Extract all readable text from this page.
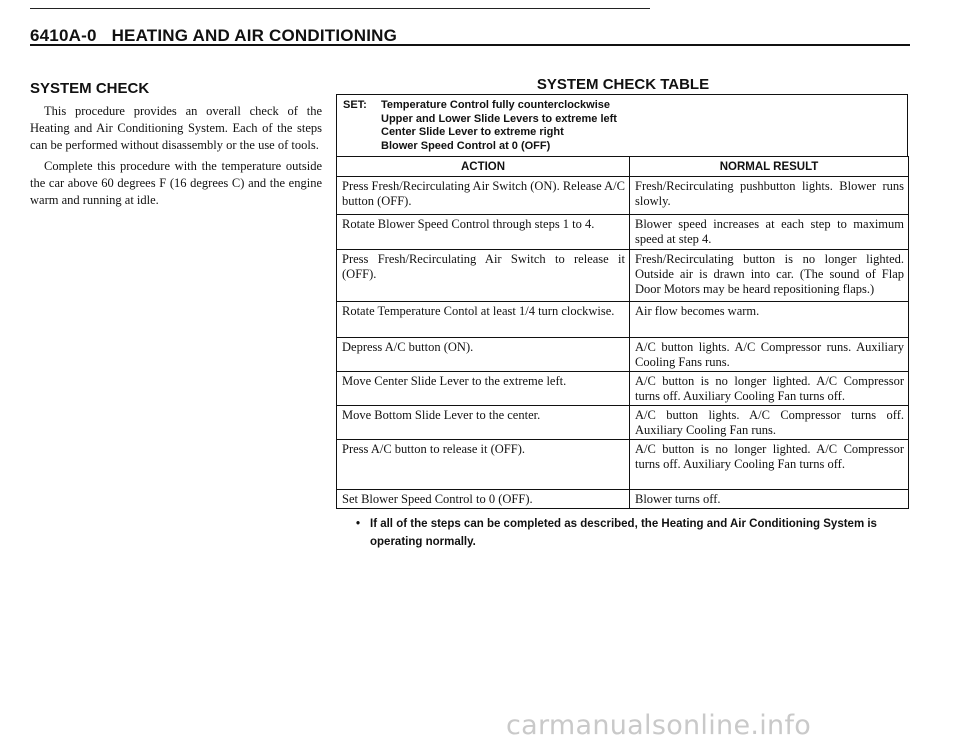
6410A-0 HEATING AND AIR CONDITIONING
SYSTEM CHECK

This procedure provides an overall check of the Heating and Air Conditioning System. Each of the steps can be performed without disassembly or the use of tools.

Complete this procedure with the temperature outside the car above 60 degrees F (16 degrees C) and the engine warm and running at idle.

SYSTEM CHECK TABLE
SET:	Temperature Control fully counterclockwise
Upper and Lower Slide Levers to extreme left
Center Slide Lever to extreme right
Blower Speed Control at 0 (OFF)
ACTION	NORMAL RESULT
Press Fresh/Recirculating Air Switch (ON). Release A/C button (OFF).	Fresh/Recirculating pushbutton lights. Blower runs slowly.
Rotate Blower Speed Control through steps 1 to 4.	Blower speed increases at each step to maximum speed at step 4.
Press Fresh/Recirculating Air Switch to release it (OFF).	Fresh/Recirculating button is no longer lighted. Outside air is drawn into car. (The sound of Flap Door Motors may be heard repositioning flaps.)
Rotate Temperature Contol at least 1/4 turn clockwise.	Air flow becomes warm.
Depress A/C button (ON).	A/C button lights. A/C Compressor runs. Auxiliary Cooling Fans runs.
Move Center Slide Lever to the extreme left.	A/C button is no longer lighted. A/C Compressor turns off. Auxiliary Cooling Fan turns off.
Move Bottom Slide Lever to the center.	A/C button lights. A/C Compressor turns off. Auxiliary Cooling Fan runs.
Press A/C button to release it (OFF).	A/C button is no longer lighted. A/C Compressor turns off. Auxiliary Cooling Fan turns off.
Set Blower Speed Control to 0 (OFF).	Blower turns off.
• If all of the steps can be completed as described, the Heating and Air Conditioning System is operating normally.
carmanualsonline.info
